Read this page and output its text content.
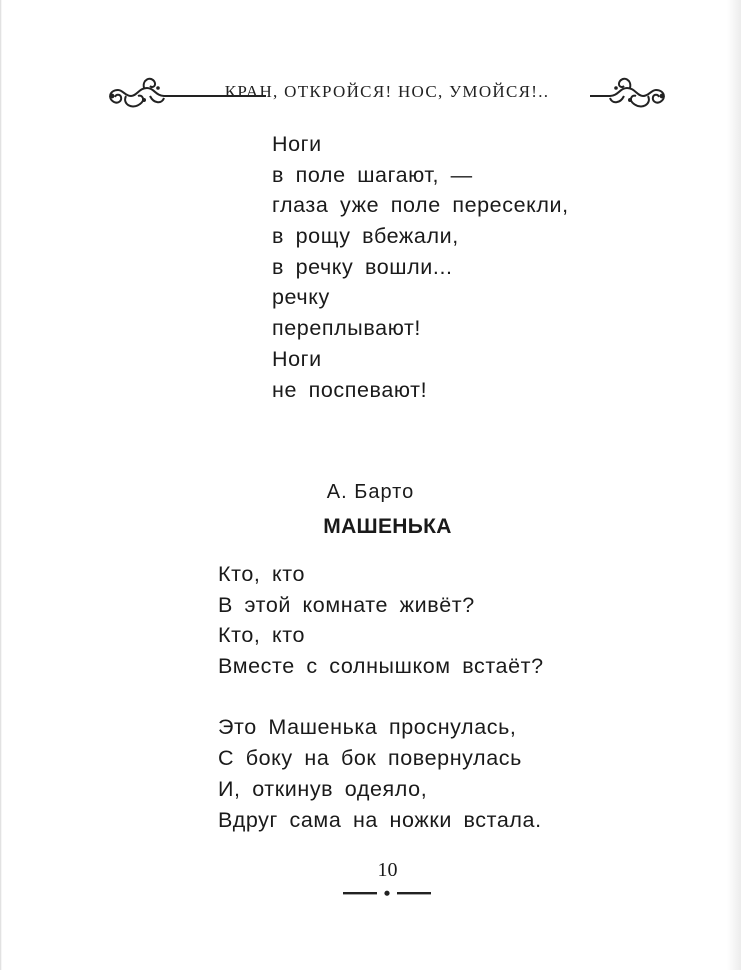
КРАН, ОТКРОЙСЯ! НОС, УМОЙСЯ!..
Ноги
в поле шагают, —
глаза уже поле пересекли,
в рощу вбежали,
в речку вошли...
речку
переплывают!
Ноги
не поспевают!
А. Барто
МАШЕНЬКА
Кто, кто
В этой комнате живёт?
Кто, кто
Вместе с солнышком встаёт?
Это Машенька проснулась,
С боку на бок повернулась
И, откинув одеяло,
Вдруг сама на ножки встала.
10
